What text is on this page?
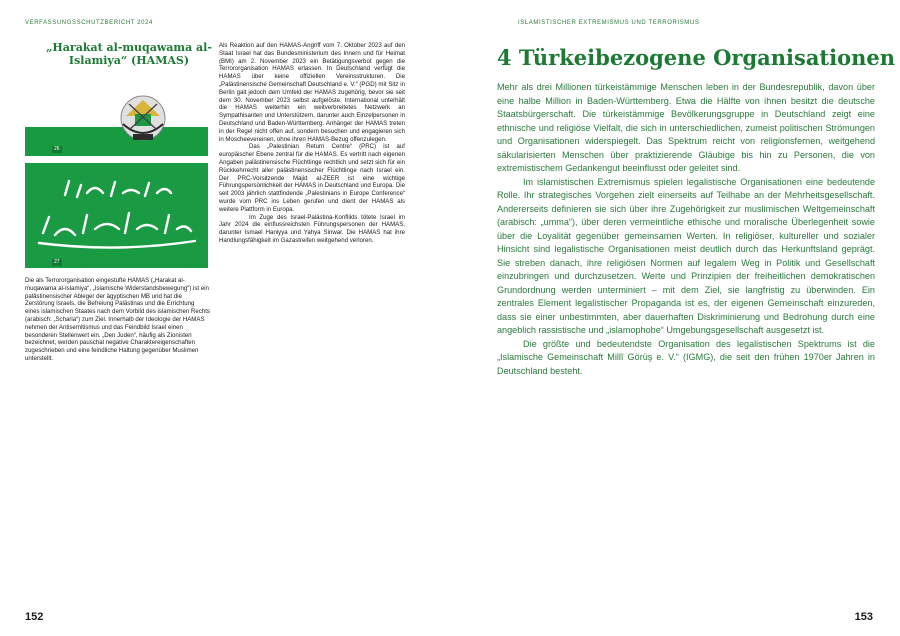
VERFASSUNGSSCHUTZBERICHT 2024
„Harakat al-muqawama al-Islamiya“ (HAMAS)
26
27
Die als Terrororganisation eingestufte HAMAS („Harakat al-muqawama al-Islamiya“, „Islamische Widerstandsbewegung“) ist ein palästinensischer Ableger der ägyptischen MB und hat die Zerstörung Israels, die Befreiung Palästinas und die Errichtung eines islamischen Staates nach dem Vorbild des islamischen Rechts (arabisch: „Scharia“) zum Ziel. Innerhalb der Ideologie der HAMAS nehmen der Antisemitismus und das Feindbild Israel einen besonderen Stellenwert ein. „Den Juden“, häufig als Zionisten bezeichnet, werden pauschal negative Charaktereigenschaften zugeschrieben und eine feindliche Haltung gegenüber Muslimen unterstellt.

Als Reaktion auf den HAMAS-Angriff vom 7. Oktober 2023 auf den Staat Israel hat das Bundesministerium des Innern und für Heimat (BMI) am 2. November 2023 ein Betätigungsverbot gegen die Terrororganisation HAMAS erlassen. In Deutschland verfügt die HAMAS über keine offiziellen Vereinsstrukturen. Die „Palästinensische Gemeinschaft Deutschland e. V.“ (PGD) mit Sitz in Berlin galt jedoch dem Umfeld der HAMAS zugehörig, bevor sie seit dem 30. November 2023 selbst aufgelöste. International unterhält die HAMAS weiterhin ein weitverbreitetes Netzwerk an Sympathisanten und Unterstützern, darunter auch Einzelpersonen in Deutschland und Baden-Württemberg. Anhänger der HAMAS treten in der Regel nicht offen auf, sondern besuchen und engagieren sich in Moscheevereinen, ohne ihren HAMAS-Bezug offenzulegen.

Das „Palestinian Return Centre“ (PRC) ist auf europäischer Ebene zentral für die HAMAS. Es vertritt nach eigenen Angaben palästinensische Flüchtlinge rechtlich und setzt sich für ein Rückkehrrecht aller palästinensischer Flüchtlinge nach Israel ein. Der PRC-Vorsitzende Majid al-ZEER ist eine wichtige Führungspersönlichkeit der HAMAS in Deutschland und Europa. Die seit 2003 jährlich stattfindende „Palestinians in Europe Conference“ wurde vom PRC ins Leben gerufen und dient der HAMAS als weitere Plattform in Europa.

Im Zuge des Israel-Palästina-Konflikts tötete Israel im Jahr 2024 die einflussreichsten Führungspersonen der HAMAS, darunter Ismael Haniyya und Yahya Sinwar. Die HAMAS hat ihre Handlungsfähigkeit im Gazastreifen weitgehend verloren.

152
ISLAMISTISCHER EXTREMISMUS UND TERRORISMUS
4 Türkeibezogene Organisationen

Mehr als drei Millionen türkeistämmige Menschen leben in der Bundesrepublik, davon über eine halbe Million in Baden-Württemberg. Etwa die Hälfte von ihnen besitzt die deutsche Staatsbürgerschaft. Die türkeistämmige Bevölkerungsgruppe in Deutschland zeigt eine ethnische und religiöse Vielfalt, die sich in unterschiedlichen, zumeist politischen Strömungen und Organisationen widerspiegelt. Das Spektrum reicht von religionsfernen, weitgehend säkularisierten Menschen über praktizierende Gläubige bis hin zu Personen, die von extremistischem Gedankengut beeinflusst oder geleitet sind.

Im islamistischen Extremismus spielen legalistische Organisationen eine bedeutende Rolle. Ihr strategisches Vorgehen zielt einerseits auf Teilhabe an der Mehrheitsgesellschaft. Andererseits definieren sie sich über ihre Zugehörigkeit zur muslimischen Weltgemeinschaft (arabisch: „umma“), über deren vermeintliche ethische und moralische Überlegenheit sowie über die Loyalität gegenüber gemeinsamen Werten. In religiöser, kultureller und sozialer Hinsicht sind legalistische Organisationen meist deutlich durch das Herkunftsland geprägt. Sie streben danach, ihre religiösen Normen auf legalem Weg in Politik und Gesellschaft einzubringen und durchzusetzen. Werte und Prinzipien der freiheitlichen demokratischen Grundordnung werden unterminiert – mit dem Ziel, sie langfristig zu überwinden. Ein zentrales Element legalistischer Propaganda ist es, der eigenen Gemeinschaft einzureden, dass sie einer unbestimmten, aber dauerhaften Diskriminierung und Bedrohung durch eine angeblich rassistische und „islamophobe“ Umgebungsgesellschaft ausgesetzt ist.

Die größte und bedeutendste Organisation des legalistischen Spektrums ist die „Islamische Gemeinschaft Millî Görüş e. V.“ (IGMG), die seit den frühen 1970er Jahren in Deutschland besteht.

153
